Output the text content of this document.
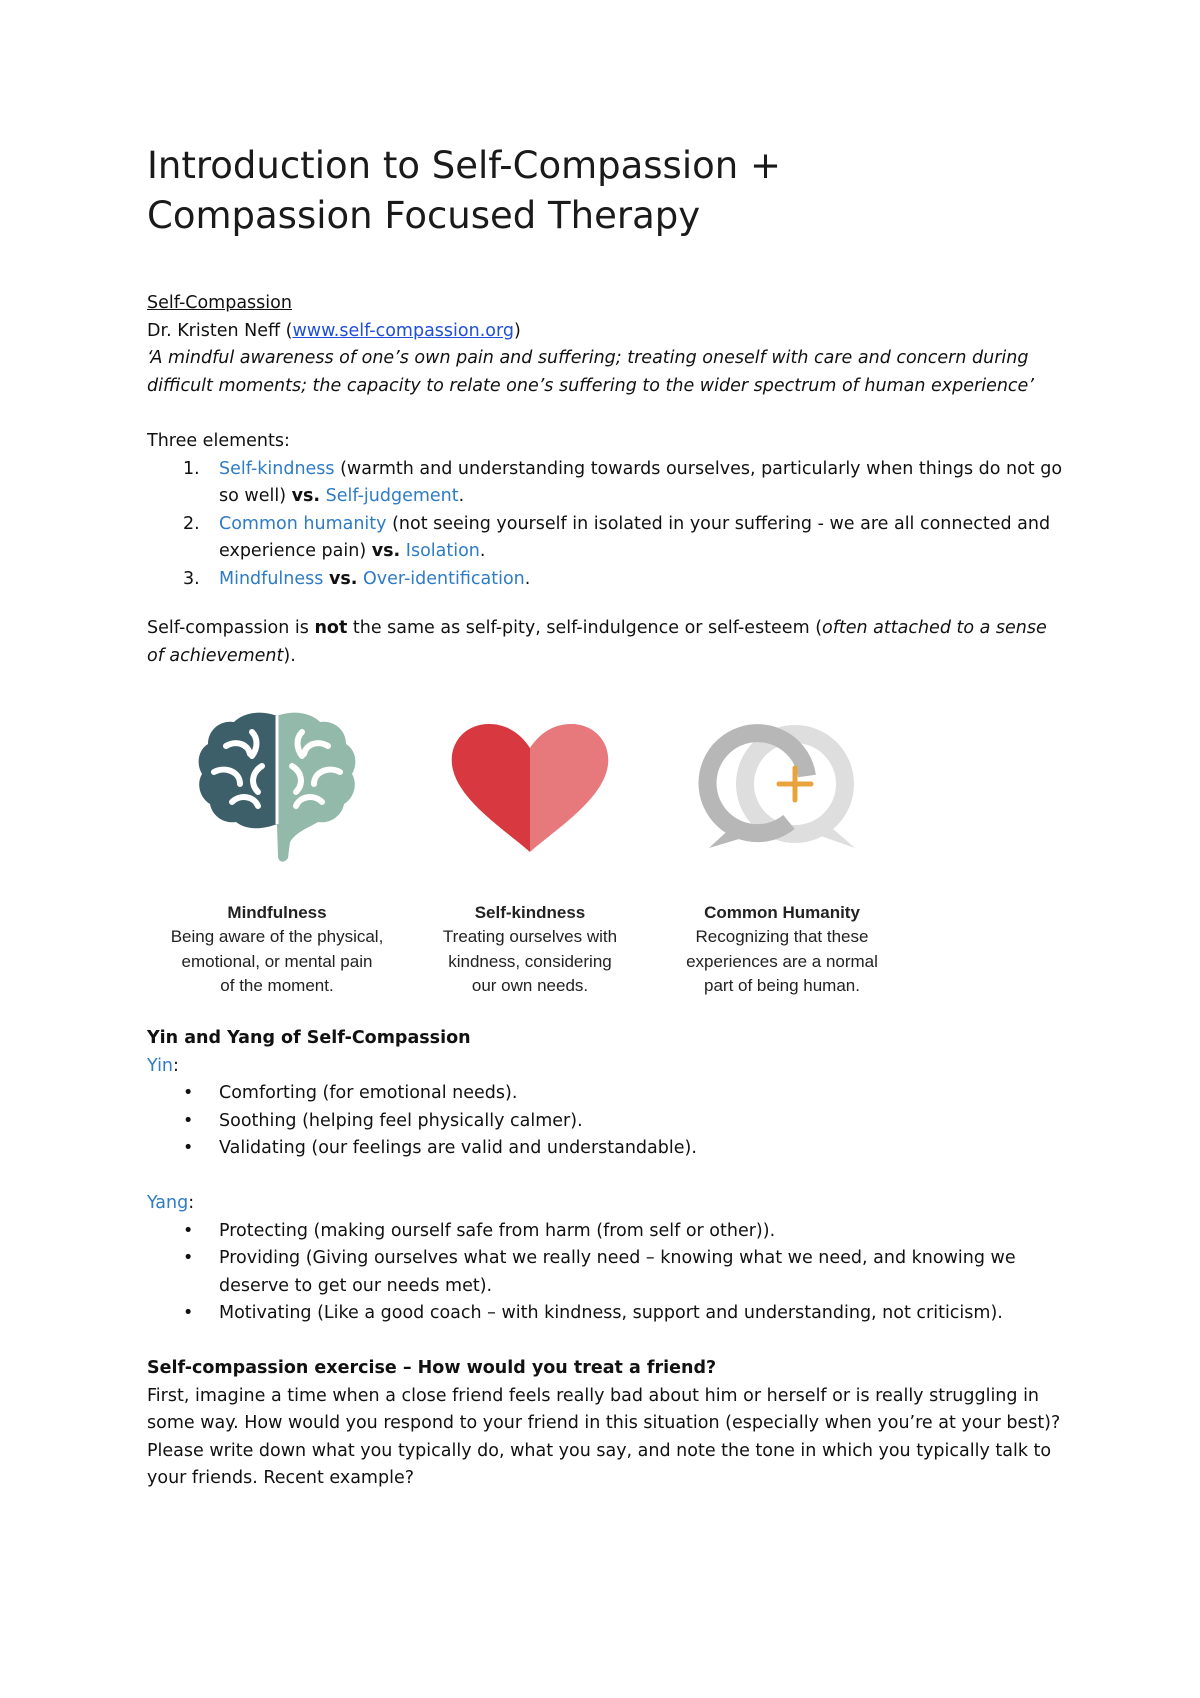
Introduction to Self-Compassion +
Compassion Focused Therapy

Self-Compassion

Dr. Kristen Neff (www.self-compassion.org)

‘A mindful awareness of one’s own pain and suffering; treating oneself with care and concern during difficult moments; the capacity to relate one’s suffering to the wider spectrum of human experience’

Three elements:

1. Self-kindness (warmth and understanding towards ourselves, particularly when things do not go so well) vs. Self-judgement.
2. Common humanity (not seeing yourself in isolated in your suffering - we are all connected and experience pain) vs. Isolation.
3. Mindfulness vs. Over-identification.

Self-compassion is not the same as self-pity, self-indulgence or self-esteem (often attached to a sense of achievement).

Mindfulness
Being aware of the physical,
emotional, or mental pain
of the moment.
Self-kindness
Treating ourselves with
kindness, considering
our own needs.
Common Humanity
Recognizing that these
experiences are a normal
part of being human.

Yin and Yang of Self-Compassion

Yin:

• Comforting (for emotional needs).
• Soothing (helping feel physically calmer).
• Validating (our feelings are valid and understandable).

Yang:

• Protecting (making ourself safe from harm (from self or other)).
• Providing (Giving ourselves what we really need – knowing what we need, and knowing we deserve to get our needs met).
• Motivating (Like a good coach – with kindness, support and understanding, not criticism).

Self-compassion exercise – How would you treat a friend?

First, imagine a time when a close friend feels really bad about him or herself or is really struggling in some way. How would you respond to your friend in this situation (especially when you’re at your best)? Please write down what you typically do, what you say, and note the tone in which you typically talk to your friends. Recent example?
